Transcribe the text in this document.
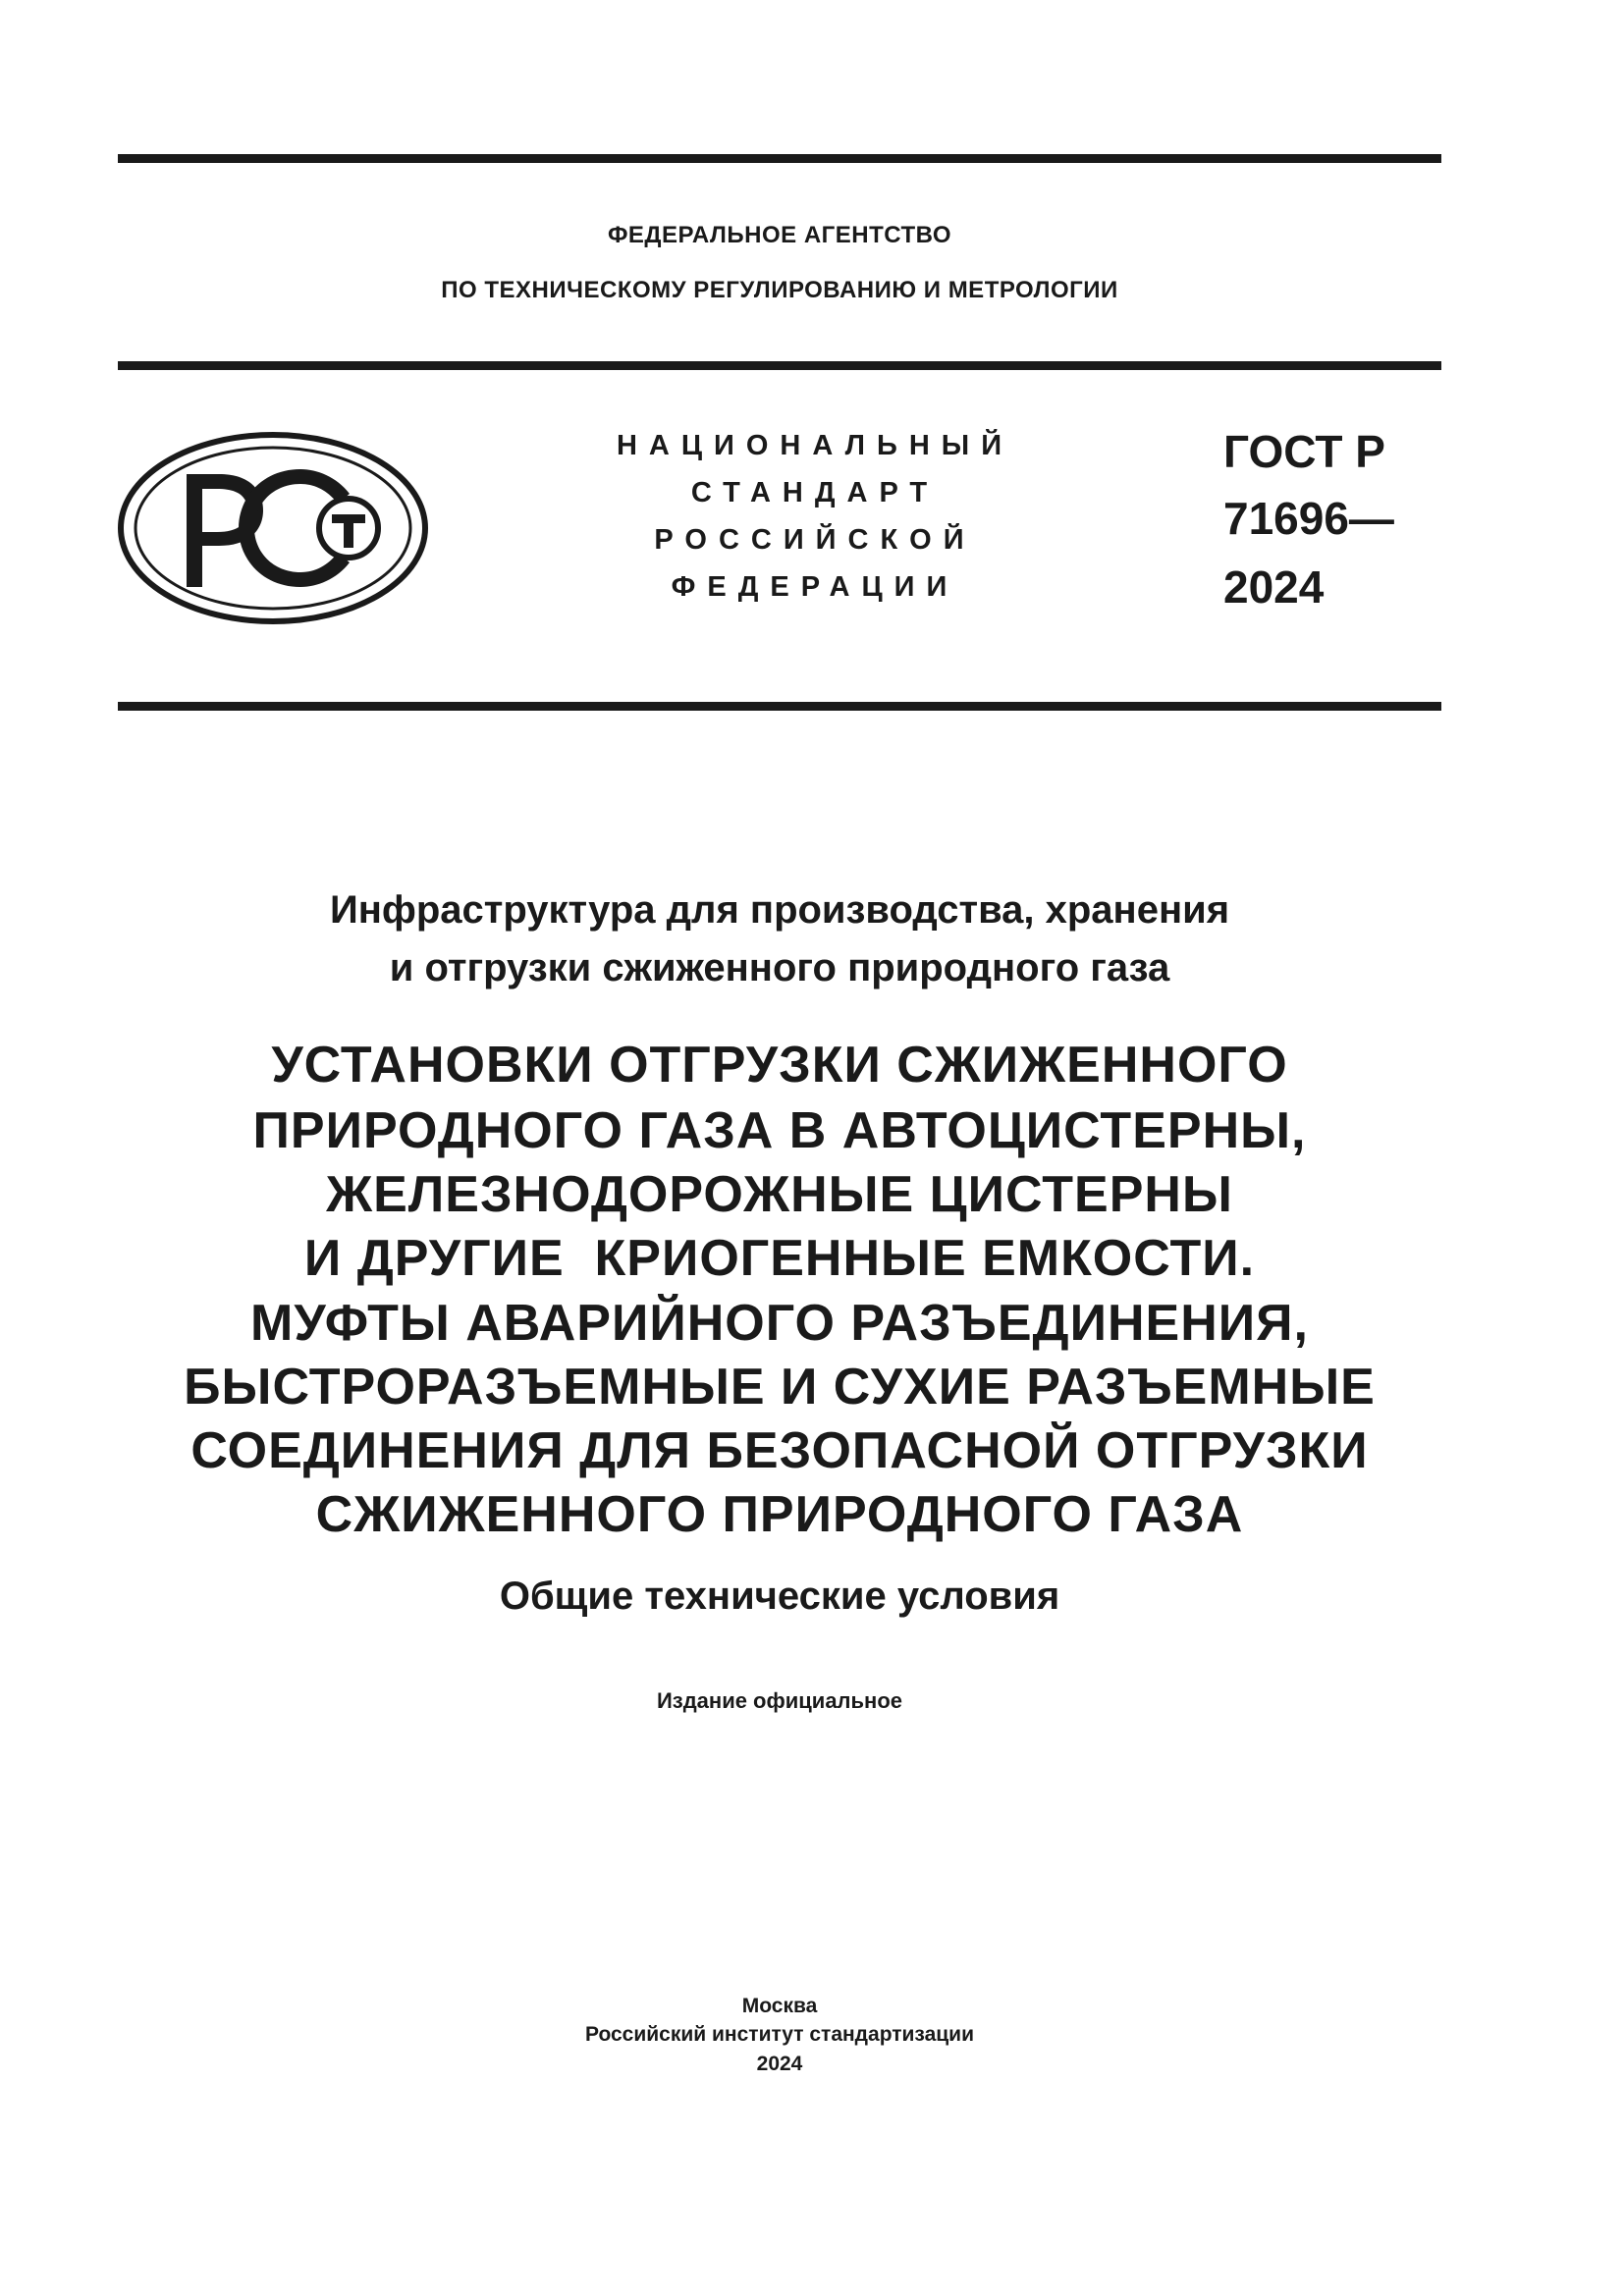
ФЕДЕРАЛЬНОЕ АГЕНТСТВО
ПО ТЕХНИЧЕСКОМУ РЕГУЛИРОВАНИЮ И МЕТРОЛОГИИ
НАЦИОНАЛЬНЫЙ
СТАНДАРТ
РОССИЙСКОЙ
ФЕДЕРАЦИИ
ГОСТ Р
71696—
2024
Инфраструктура для производства, хранения
и отгрузки сжиженного природного газа
УСТАНОВКИ ОТГРУЗКИ СЖИЖЕННОГО
ПРИРОДНОГО ГАЗА В АВТОЦИСТЕРНЫ,
ЖЕЛЕЗНОДОРОЖНЫЕ ЦИСТЕРНЫ
И ДРУГИЕ  КРИОГЕННЫЕ ЕМКОСТИ.
МУФТЫ АВАРИЙНОГО РАЗЪЕДИНЕНИЯ,
БЫСТРОРАЗЪЕМНЫЕ И СУХИЕ РАЗЪЕМНЫЕ
СОЕДИНЕНИЯ ДЛЯ БЕЗОПАСНОЙ ОТГРУЗКИ
СЖИЖЕННОГО ПРИРОДНОГО ГАЗА
Общие технические условия
Издание официальное
Москва
Российский институт стандартизации
2024
